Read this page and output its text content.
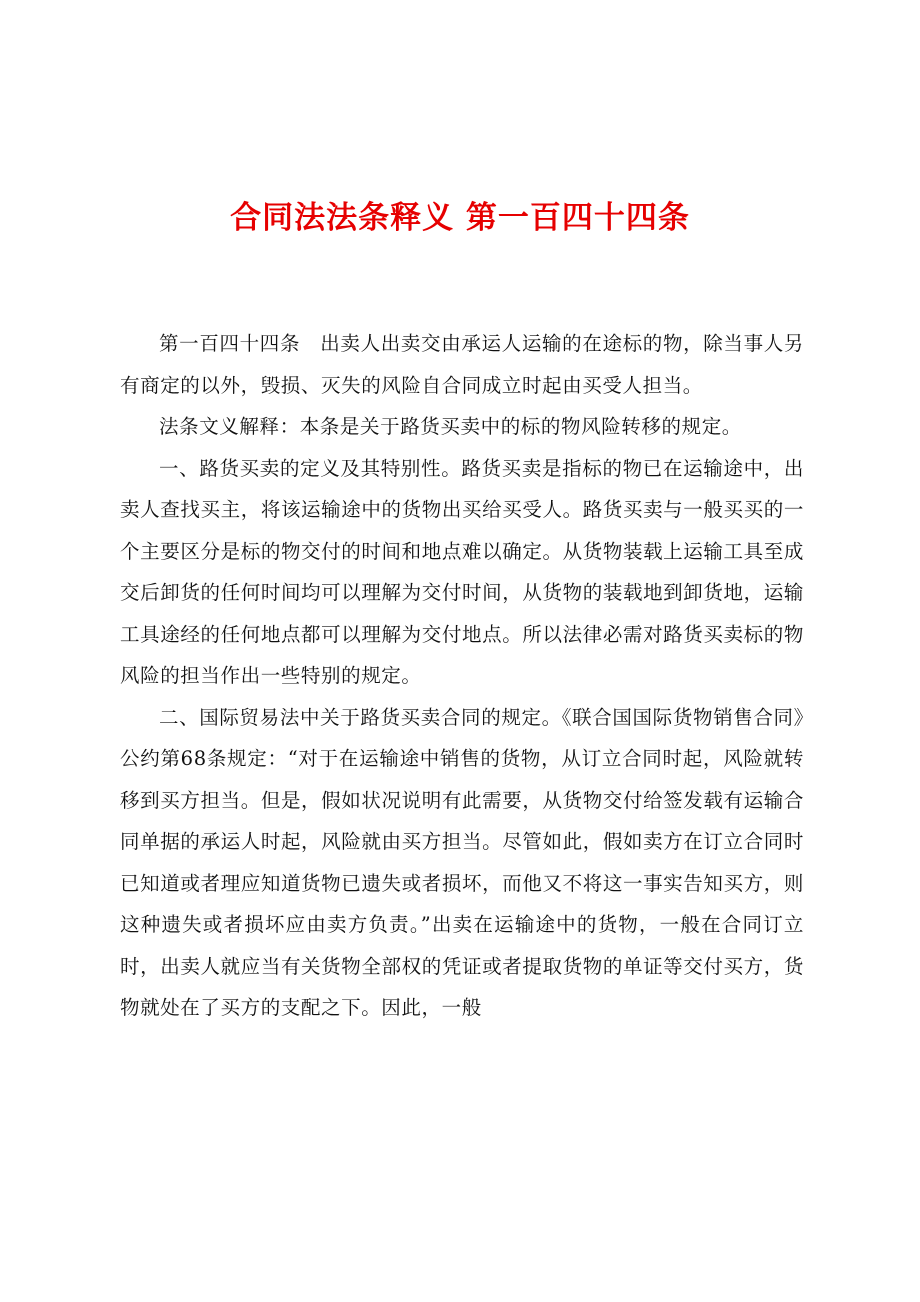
合同法法条释义 第一百四十四条

第一百四十四条　出卖人出卖交由承运人运输的在途标的物，除当事人另有商定的以外，毁损、灭失的风险自合同成立时起由买受人担当。

法条文义解释：本条是关于路货买卖中的标的物风险转移的规定。

一、路货买卖的定义及其特别性。路货买卖是指标的物已在运输途中，出卖人查找买主，将该运输途中的货物出买给买受人。路货买卖与一般买买的一个主要区分是标的物交付的时间和地点难以确定。从货物装载上运输工具至成交后卸货的任何时间均可以理解为交付时间，从货物的装载地到卸货地，运输工具途经的任何地点都可以理解为交付地点。所以法律必需对路货买卖标的物风险的担当作出一些特别的规定。

二、国际贸易法中关于路货买卖合同的规定。《联合国国际货物销售合同》公约第68条规定：“对于在运输途中销售的货物，从订立合同时起，风险就转移到买方担当。但是，假如状况说明有此需要，从货物交付给签发载有运输合同单据的承运人时起，风险就由买方担当。尽管如此，假如卖方在订立合同时已知道或者理应知道货物已遗失或者损坏，而他又不将这一事实告知买方，则这种遗失或者损坏应由卖方负责。”出卖在运输途中的货物，一般在合同订立时，出卖人就应当有关货物全部权的凭证或者提取货物的单证等交付买方，货物就处在了买方的支配之下。因此，一般
